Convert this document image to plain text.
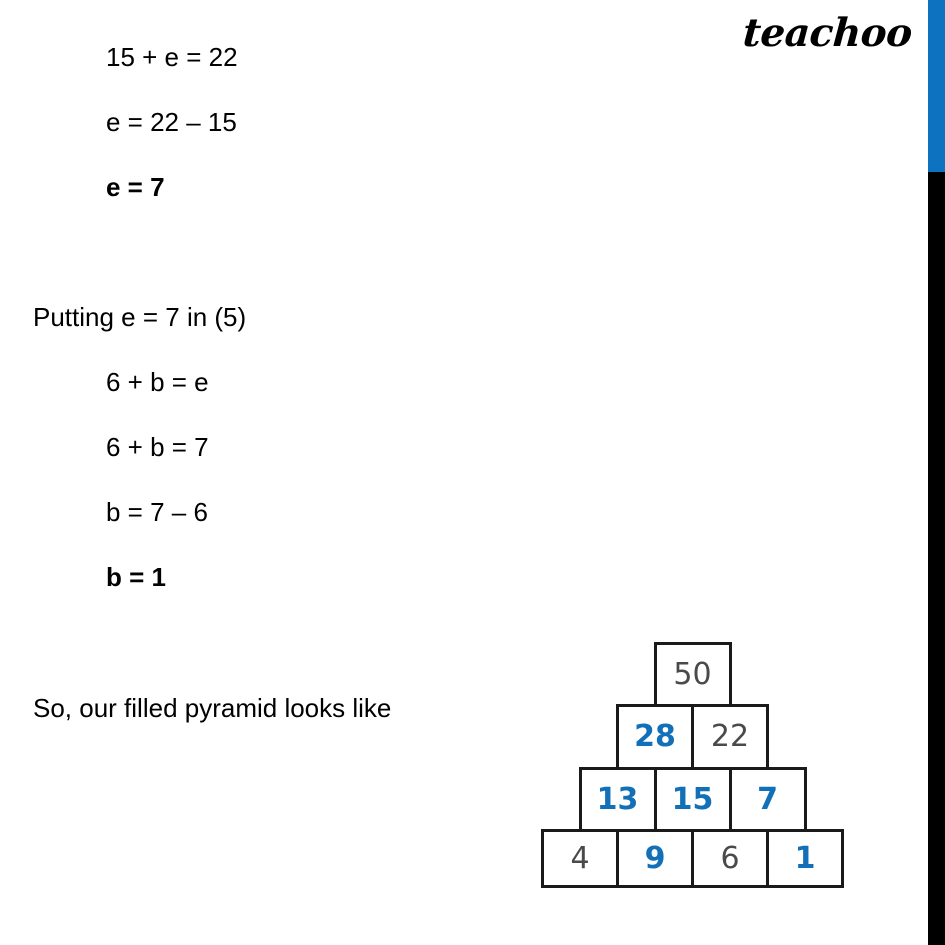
teachoo
15 + e = 22
e = 22 – 15
e = 7
Putting e = 7 in (5)
6 + b = e
6 + b = 7
b = 7 – 6
b = 1
So, our filled pyramid looks like
50
28	22
13	15	7
4	9	6	1
